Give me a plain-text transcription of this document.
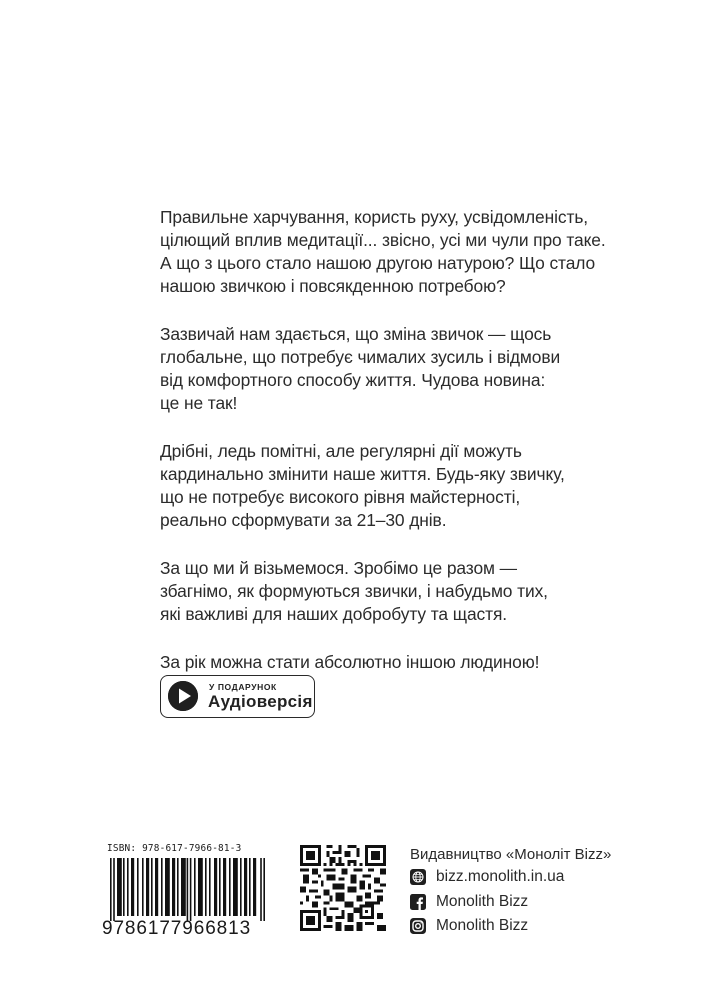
Правильне харчування, користь руху, усвідомленість,
цілющий вплив медитації... звісно, усі ми чули про таке.
А що з цього стало нашою другою натурою? Що стало
нашою звичкою і повсякденною потребою?

Зазвичай нам здається, що зміна звичок — щось
глобальне, що потребує чималих зусиль і відмови
від комфортного способу життя. Чудова новина:
це не так!

Дрібні, ледь помітні, але регулярні дії можуть
кардинально змінити наше життя. Будь-яку звичку,
що не потребує високого рівня майстерності,
реально сформувати за 21–30 днів.

За що ми й візьмемося. Зробімо це разом —
збагнімо, як формуються звички, і набудьмо тих,
які важливі для наших добробуту та щастя.

За рік можна стати абсолютно іншою людиною!

У ПОДАРУНОК
Аудіоверсія
ISBN: 978-617-7966-81-3
9786177966813
Видавництво «Моноліт Bizz»
bizz.monolith.in.ua
Monolith Bizz
Monolith Bizz
